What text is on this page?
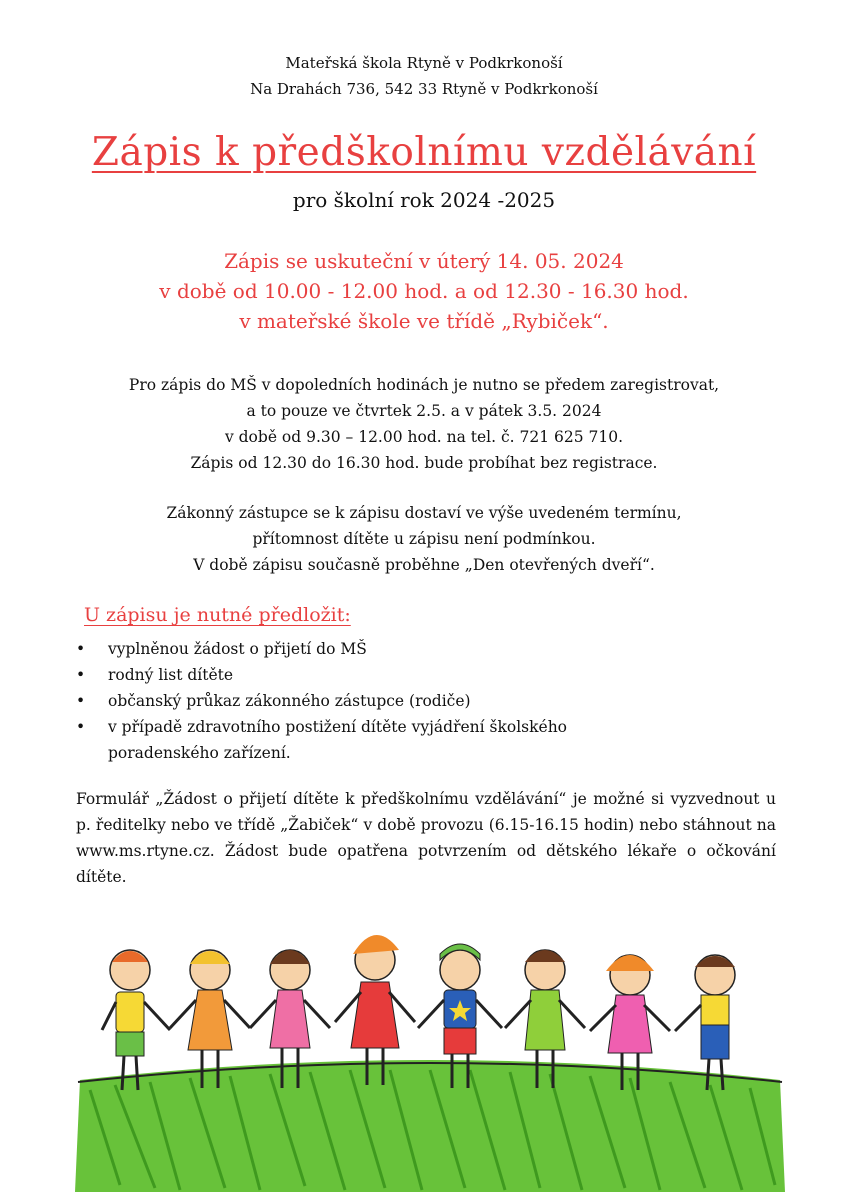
Mateřská škola Rtyně v Podkrkonoší
Na Drahách 736, 542 33 Rtyně v Podkrkonoší
Zápis k předškolnímu vzdělávání
pro školní rok 2024 -2025
Zápis se uskuteční v úterý 14. 05. 2024
v době od 10.00 - 12.00 hod. a od 12.30 - 16.30 hod.
v mateřské škole ve třídě „Rybiček“.
Pro zápis do MŠ v dopoledních hodinách je nutno se předem zaregistrovat,
a to pouze ve čtvrtek 2.5. a v pátek 3.5. 2024
v době od 9.30 – 12.00 hod. na tel. č. 721 625 710.
Zápis od 12.30 do 16.30 hod. bude probíhat bez registrace.
Zákonný zástupce se k zápisu dostaví ve výše uvedeném termínu,
přítomnost dítěte u zápisu není podmínkou.
V době zápisu současně proběhne „Den otevřených dveří“.
U zápisu je nutné předložit:
• vyplněnou žádost o přijetí do MŠ
• rodný list dítěte
• občanský průkaz zákonného zástupce (rodiče)
• v případě zdravotního postižení dítěte vyjádření školského
poradenského zařízení.
Formulář „Žádost o přijetí dítěte k předškolnímu vzdělávání“ je možné si vyzvednout u p. ředitelky nebo ve třídě „Žabiček“ v době provozu (6.15-16.15 hodin) nebo stáhnout na www.ms.rtyne.cz. Žádost bude opatřena potvrzením od dětského lékaře o očkování dítěte.
